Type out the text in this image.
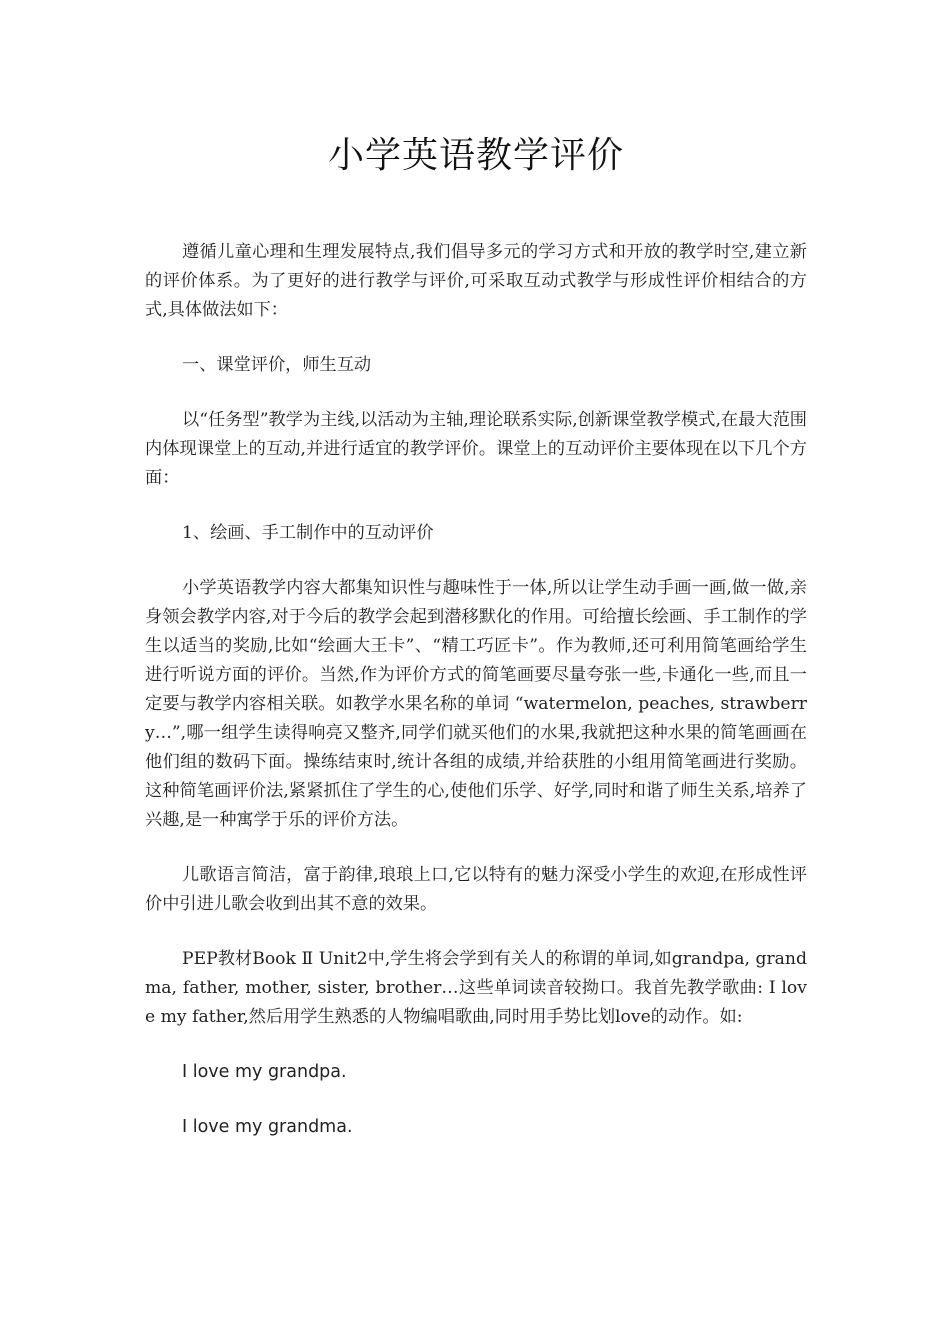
小学英语教学评价

遵循儿童心理和生理发展特点,我们倡导多元的学习方式和开放的教学时空,建立新的评价体系。为了更好的进行教学与评价,可采取互动式教学与形成性评价相结合的方式,具体做法如下：

一、课堂评价，师生互动

以“任务型”教学为主线,以活动为主轴,理论联系实际,创新课堂教学模式,在最大范围内体现课堂上的互动,并进行适宜的教学评价。课堂上的互动评价主要体现在以下几个方面：

1、绘画、手工制作中的互动评价

小学英语教学内容大都集知识性与趣味性于一体,所以让学生动手画一画,做一做,亲身领会教学内容,对于今后的教学会起到潜移默化的作用。可给擅长绘画、手工制作的学生以适当的奖励,比如“绘画大王卡”、“精工巧匠卡”。作为教师,还可利用简笔画给学生进行听说方面的评价。当然,作为评价方式的简笔画要尽量夸张一些,卡通化一些,而且一定要与教学内容相关联。如教学水果名称的单词 “watermelon, peaches, strawberry…”,哪一组学生读得响亮又整齐,同学们就买他们的水果,我就把这种水果的简笔画画在他们组的数码下面。操练结束时,统计各组的成绩,并给获胜的小组用简笔画进行奖励。这种简笔画评价法,紧紧抓住了学生的心,使他们乐学、好学,同时和谐了师生关系,培养了兴趣,是一种寓学于乐的评价方法。

儿歌语言简洁，富于韵律,琅琅上口,它以特有的魅力深受小学生的欢迎,在形成性评价中引进儿歌会收到出其不意的效果。

PEP教材Book Ⅱ Unit2中,学生将会学到有关人的称谓的单词,如grandpa, grandma, father, mother, sister, brother…这些单词读音较拗口。我首先教学歌曲: I love my father,然后用学生熟悉的人物编唱歌曲,同时用手势比划love的动作。如:

I love my grandpa.

I love my grandma.
